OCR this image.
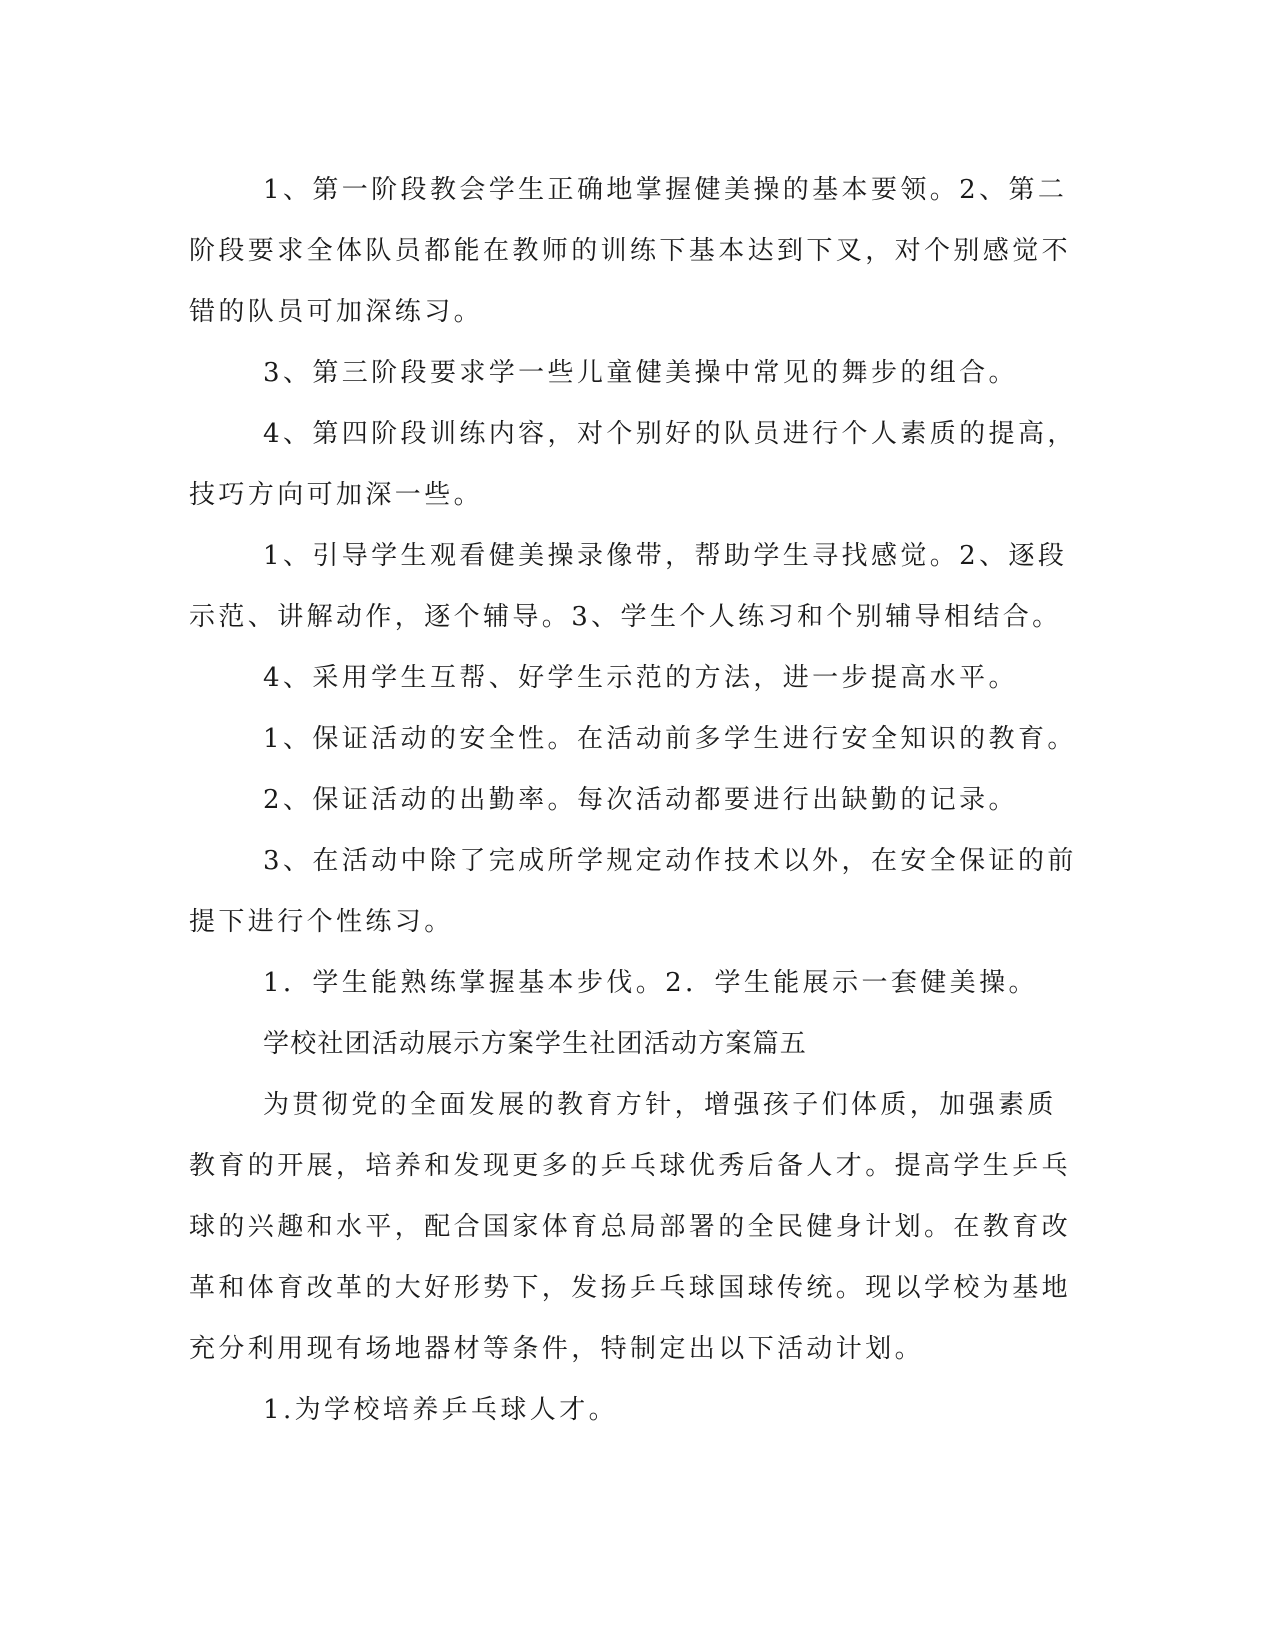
1、第一阶段教会学生正确地掌握健美操的基本要领。2、第二阶段要求全体队员都能在教师的训练下基本达到下叉，对个别感觉不错的队员可加深练习。

3、第三阶段要求学一些儿童健美操中常见的舞步的组合。

4、第四阶段训练内容，对个别好的队员进行个人素质的提高，技巧方向可加深一些。

1、引导学生观看健美操录像带，帮助学生寻找感觉。2、逐段示范、讲解动作，逐个辅导。3、学生个人练习和个别辅导相结合。

4、采用学生互帮、好学生示范的方法，进一步提高水平。

1、保证活动的安全性。在活动前多学生进行安全知识的教育。

2、保证活动的出勤率。每次活动都要进行出缺勤的记录。

3、在活动中除了完成所学规定动作技术以外，在安全保证的前提下进行个性练习。

1．学生能熟练掌握基本步伐。2．学生能展示一套健美操。

学校社团活动展示方案学生社团活动方案篇五

为贯彻党的全面发展的教育方针，增强孩子们体质，加强素质教育的开展，培养和发现更多的乒乓球优秀后备人才。提高学生乒乓球的兴趣和水平，配合国家体育总局部署的全民健身计划。在教育改革和体育改革的大好形势下，发扬乒乓球国球传统。现以学校为基地充分利用现有场地器材等条件，特制定出以下活动计划。

1.为学校培养乒乓球人才。
